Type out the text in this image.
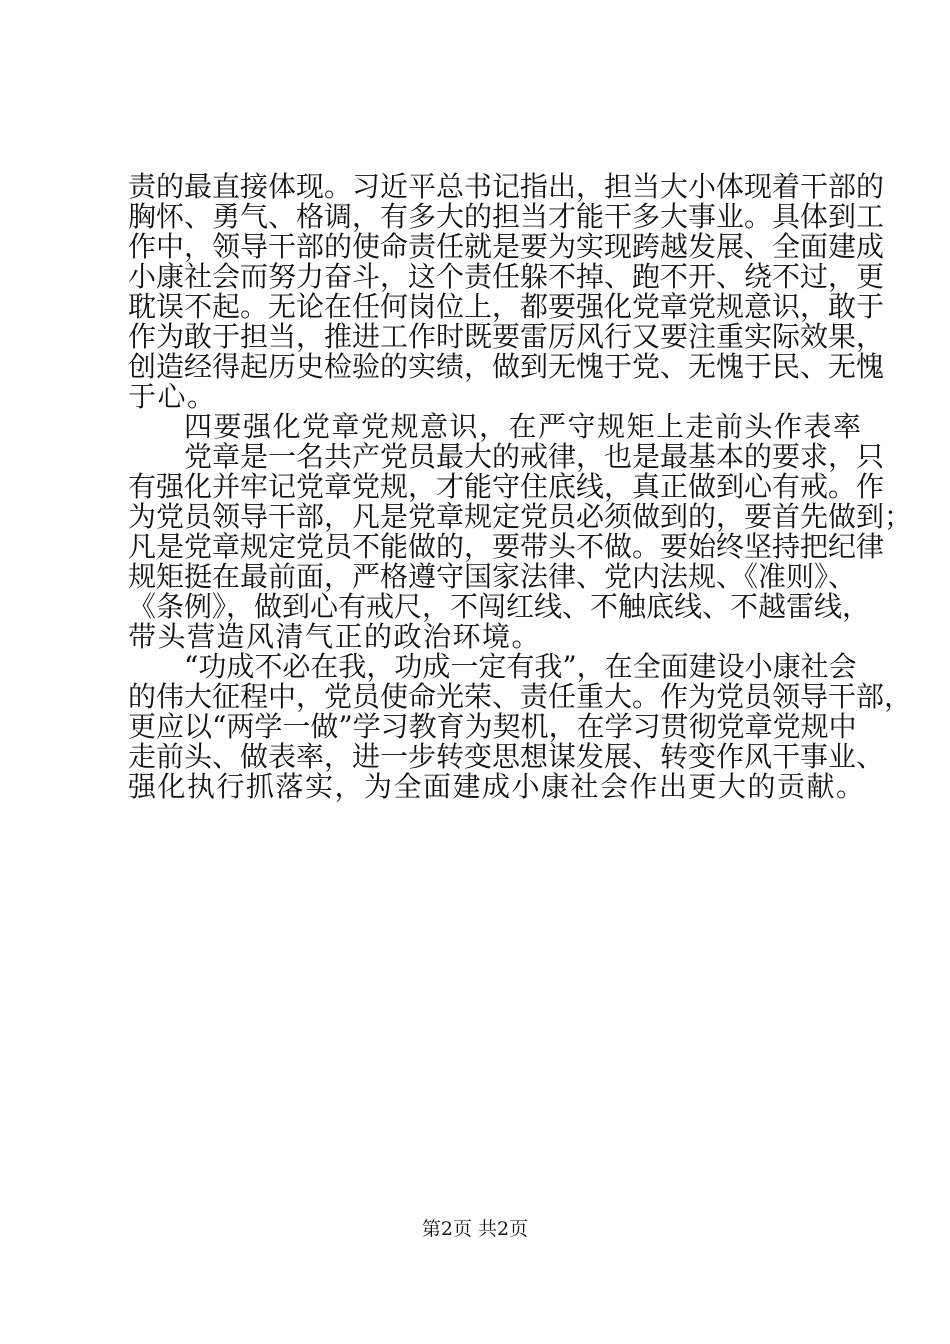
责的最直接体现。习近平总书记指出，担当大小体现着干部的
胸怀、勇气、格调，有多大的担当才能干多大事业。具体到工
作中，领导干部的使命责任就是要为实现跨越发展、全面建成
小康社会而努力奋斗，这个责任躲不掉、跑不开、绕不过，更
耽误不起。无论在任何岗位上，都要强化党章党规意识，敢于
作为敢于担当，推进工作时既要雷厉风行又要注重实际效果，
创造经得起历史检验的实绩，做到无愧于党、无愧于民、无愧
于心。
四要强化党章党规意识，在严守规矩上走前头作表率
党章是一名共产党员最大的戒律，也是最基本的要求，只
有强化并牢记党章党规，才能守住底线，真正做到心有戒。作
为党员领导干部，凡是党章规定党员必须做到的，要首先做到；
凡是党章规定党员不能做的，要带头不做。要始终坚持把纪律
规矩挺在最前面，严格遵守国家法律、党内法规、《准则》、
《条例》，做到心有戒尺，不闯红线、不触底线、不越雷线，
带头营造风清气正的政治环境。
“功成不必在我，功成一定有我”，在全面建设小康社会
的伟大征程中，党员使命光荣、责任重大。作为党员领导干部，
更应以“两学一做”学习教育为契机，在学习贯彻党章党规中
走前头、做表率，进一步转变思想谋发展、转变作风干事业、
强化执行抓落实，为全面建成小康社会作出更大的贡献。
第2页 共2页
